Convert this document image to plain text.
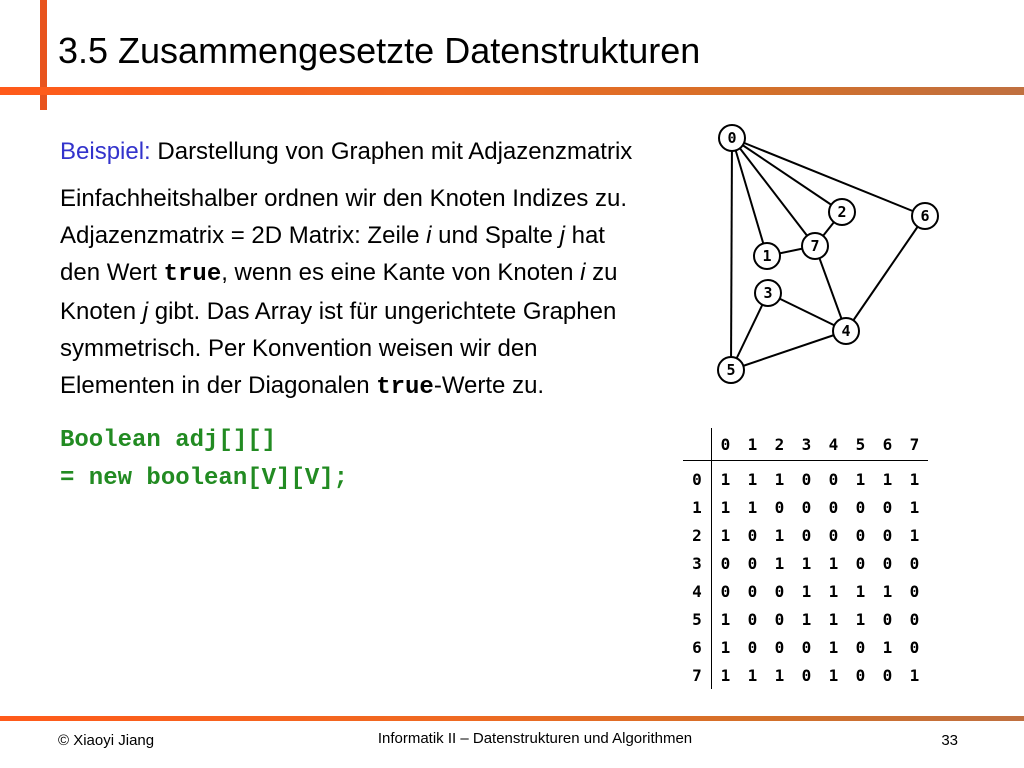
3.5 Zusammengesetzte Datenstrukturen

Beispiel: Darstellung von Graphen mit Adjazenzmatrix

Einfachheitshalber ordnen wir den Knoten Indizes zu. Adjazenzmatrix = 2D Matrix: Zeile i und Spalte j hat den Wert true, wenn es eine Kante von Knoten i zu Knoten j gibt. Das Array ist für ungerichtete Graphen symmetrisch. Per Konvention weisen wir den Elementen in der Diagonalen true-Werte zu.

Boolean adj[][]
= new boolean[V][V];
0
1
2
3
4
5
6
7
	0	1	2	3	4	5	6	7
0	1	1	1	0	0	1	1	1
1	1	1	0	0	0	0	0	1
2	1	0	1	0	0	0	0	1
3	0	0	1	1	1	0	0	0
4	0	0	0	1	1	1	1	0
5	1	0	0	1	1	1	0	0
6	1	0	0	0	1	0	1	0
7	1	1	1	0	1	0	0	1
© Xiaoyi Jiang	Informatik II – Datenstrukturen und Algorithmen	33
